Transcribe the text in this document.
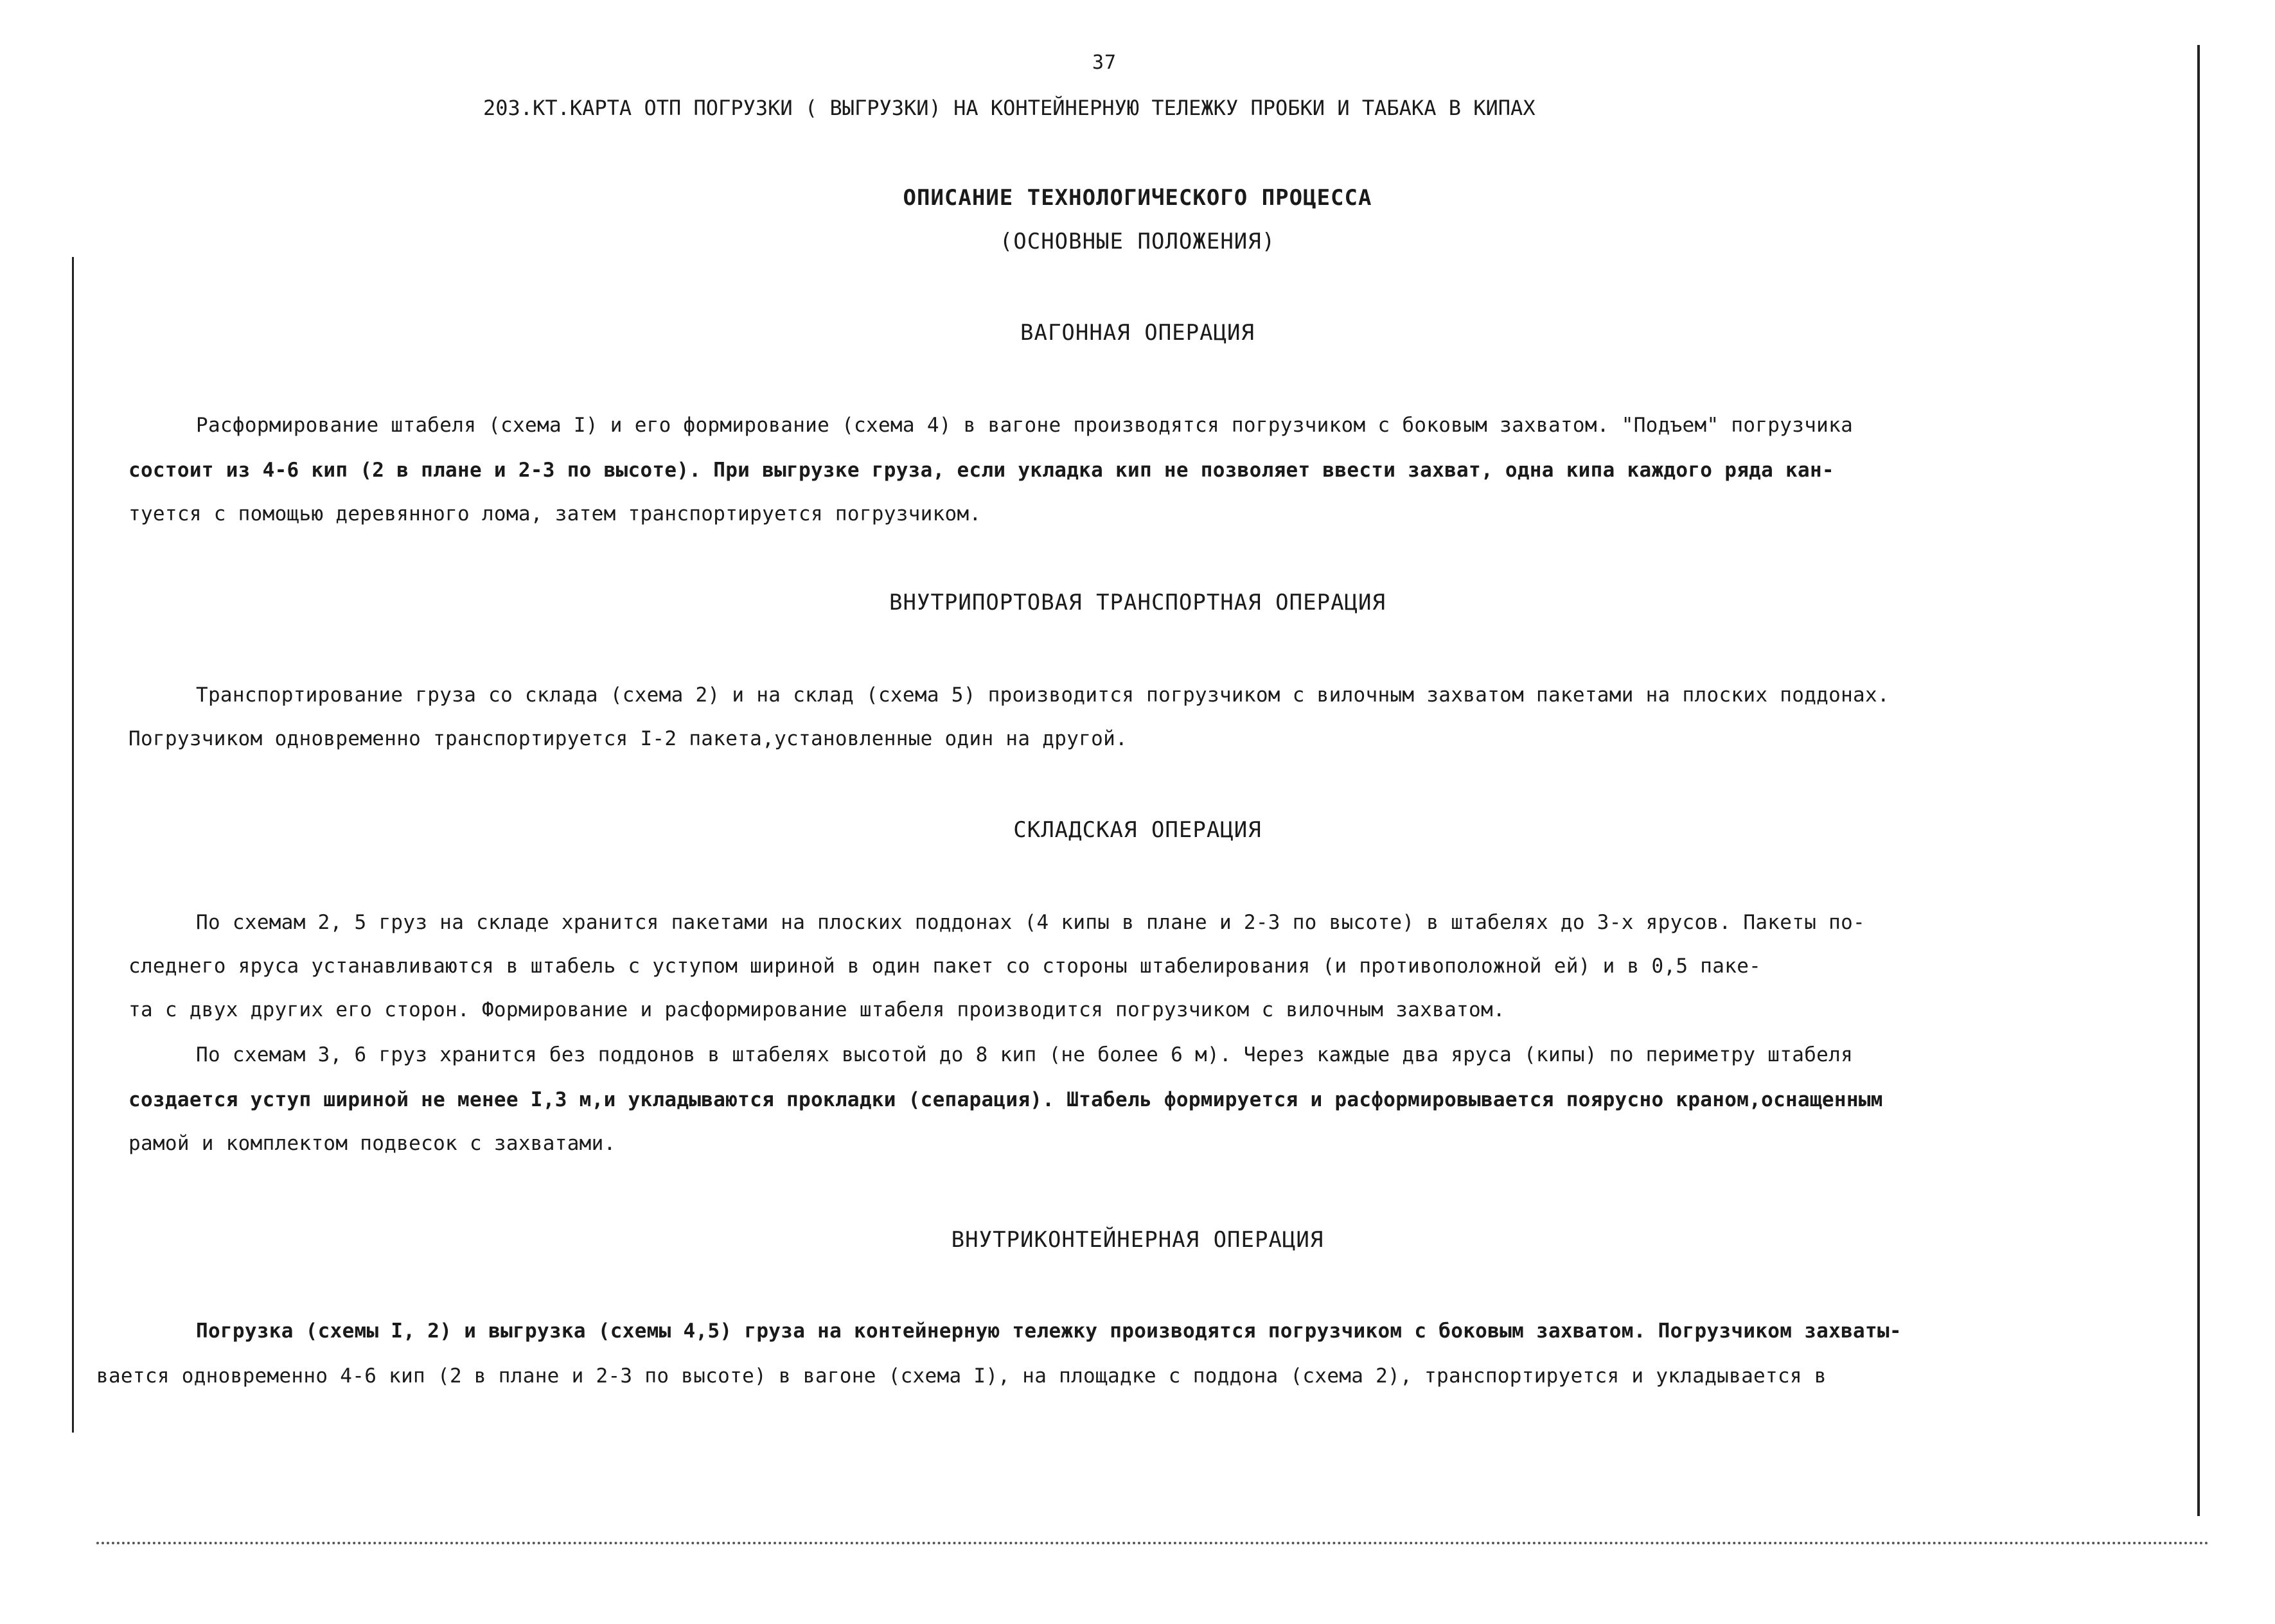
37
203.КТ.КАРТА ОТП ПОГРУЗКИ ( ВЫГРУЗКИ) НА КОНТЕЙНЕРНУЮ ТЕЛЕЖКУ ПРОБКИ И ТАБАКА В КИПАХ
ОПИСАНИЕ ТЕХНОЛОГИЧЕСКОГО ПРОЦЕССА
(ОСНОВНЫЕ ПОЛОЖЕНИЯ)
ВАГОННАЯ ОПЕРАЦИЯ
Расформирование штабеля (схема I) и его формирование (схема 4) в вагоне производятся погрузчиком с боковым захватом. "Подъем" погрузчика
состоит из 4-6 кип (2 в плане и 2-3 по высоте). При выгрузке груза, если укладка кип не позволяет ввести захват, одна кипа каждого ряда кан-
туется с помощью деревянного лома, затем транспортируется погрузчиком.
ВНУТРИПОРТОВАЯ ТРАНСПОРТНАЯ ОПЕРАЦИЯ
Транспортирование груза со склада (схема 2) и на склад (схема 5) производится погрузчиком с вилочным захватом пакетами на плоских поддонах.
Погрузчиком одновременно транспортируется I-2 пакета,установленные один на другой.
СКЛАДСКАЯ ОПЕРАЦИЯ
По схемам 2, 5 груз на складе хранится пакетами на плоских поддонах (4 кипы в плане и 2-3 по высоте) в штабелях до 3-х ярусов. Пакеты по-
следнего яруса устанавливаются в штабель с уступом шириной в один пакет со стороны штабелирования (и противоположной ей) и в 0,5 паке-
та с двух других его сторон. Формирование и расформирование штабеля производится погрузчиком с вилочным захватом.
По схемам 3, 6 груз хранится без поддонов в штабелях высотой до 8 кип (не более 6 м). Через каждые два яруса (кипы) по периметру штабеля
создается уступ шириной не менее I,3 м,и укладываются прокладки (сепарация). Штабель формируется и расформировывается поярусно краном,оснащенным
рамой и комплектом подвесок с захватами.
ВНУТРИКОНТЕЙНЕРНАЯ ОПЕРАЦИЯ
Погрузка (схемы I, 2) и выгрузка (схемы 4,5) груза на контейнерную тележку производятся погрузчиком с боковым захватом. Погрузчиком захваты-
вается одновременно 4-6 кип (2 в плане и 2-3 по высоте) в вагоне (схема I), на площадке с поддона (схема 2), транспортируется и укладывается в
